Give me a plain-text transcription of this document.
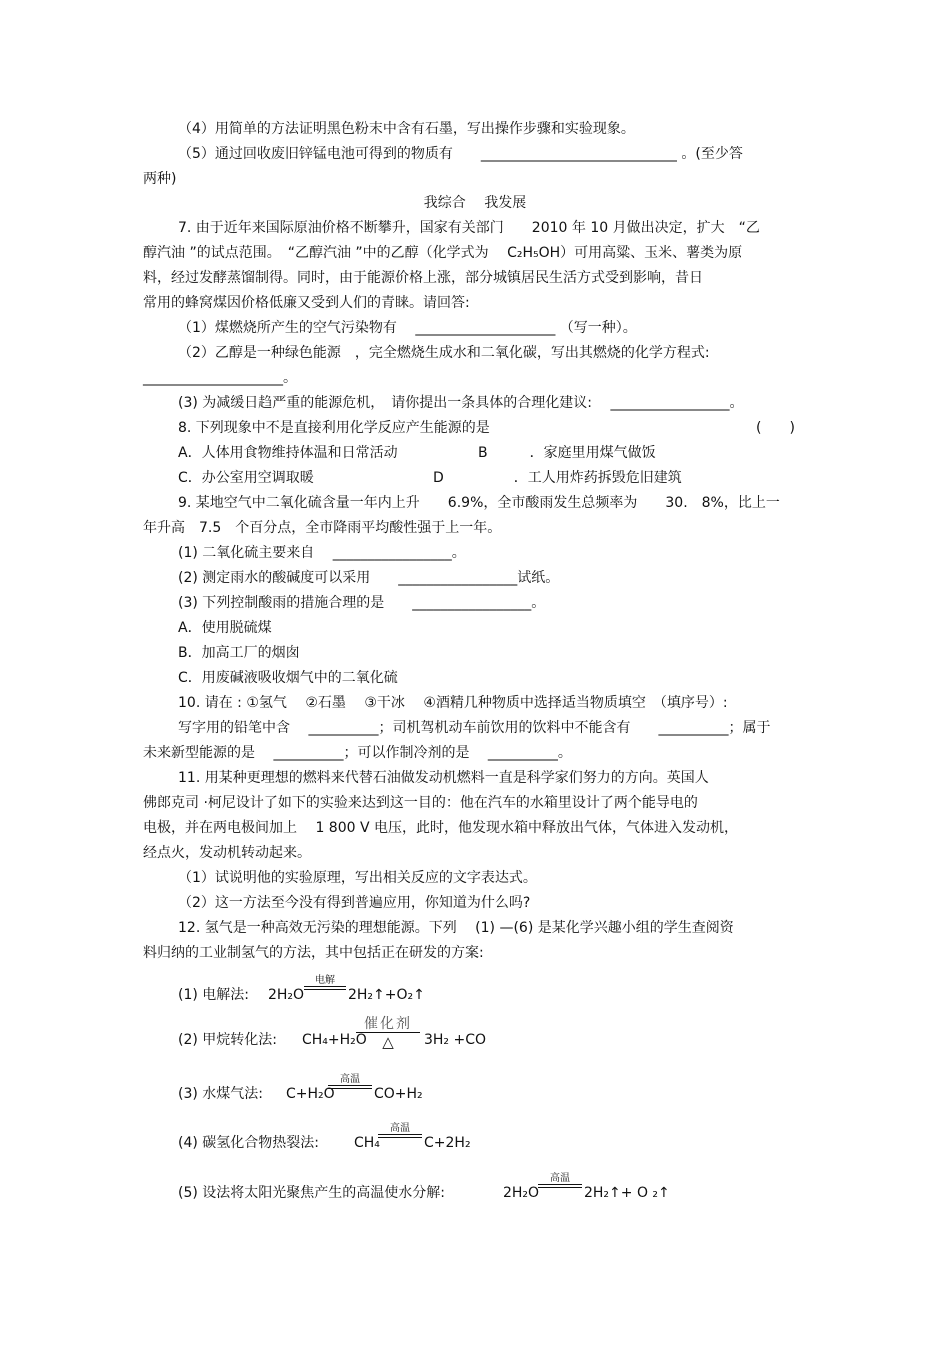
（4）用简单的方法证明黑色粉末中含有石墨，写出操作步骤和实验现象。
（5）通过回收废旧锌锰电池可得到的物质有　　____________________________ 。(至少答
两种)
我综合　 我发展
7. 由于近年来国际原油价格不断攀升，国家有关部门　　2010 年 10 月做出决定，扩大　“乙
醇汽油 ”的试点范围。　“乙醇汽油 ”中的乙醇（化学式为　 C₂H₅OH）可用高粱、玉米、薯类为原
料，经过发酵蒸馏制得。同时，由于能源价格上涨，部分城镇居民生活方式受到影响，昔日
常用的蜂窝煤因价格低廉又受到人们的青睐。请回答:
（1）煤燃烧所产生的空气污染物有　 ____________________ （写一种）。
（2）乙醇是一种绿色能源　，完全燃烧生成水和二氧化碳，写出其燃烧的化学方程式:
____________________。
(3) 为减缓日趋严重的能源危机，　请你提出一条具体的合理化建议:　 _________________。
8. 下列现象中不是直接利用化学反应产生能源的是	(　　)
A．人体用食物维持体温和日常活动	B　　　．家庭里用煤气做饭
C．办公室用空调取暖	D　　　　　．工人用炸药拆毁危旧建筑
9. 某地空气中二氧化硫含量一年内上升　　6.9%，全市酸雨发生总频率为　　30.　8%，比上一
年升高　7.5　个百分点，全市降雨平均酸性强于上一年。
(1) 二氧化硫主要来自　 _________________。
(2) 测定雨水的酸碱度可以采用　　_________________试纸。
(3) 下列控制酸雨的措施合理的是　　_________________。
A．使用脱硫煤
B．加高工厂的烟囱
C．用废碱液吸收烟气中的二氧化硫
10. 请在 : ①氢气　 ②石墨　 ③干冰　 ④酒精几种物质中选择适当物质填空　（填序号）:
写字用的铅笔中含　 __________；司机驾机动车前饮用的饮料中不能含有　　__________；属于
未来新型能源的是　 __________；可以作制冷剂的是　 __________。
11. 用某种更理想的燃料来代替石油做发动机燃料一直是科学家们努力的方向。英国人
佛郎克司 ·柯尼设计了如下的实验来达到这一目的：他在汽车的水箱里设计了两个能导电的
电极，并在两电极间加上　 1 800 V 电压，此时，他发现水箱中释放出气体，气体进入发动机，
经点火，发动机转动起来。
（1）试说明他的实验原理，写出相关反应的文字表达式。
（2）这一方法至今没有得到普遍应用，你知道为什么吗?
12. 氢气是一种高效无污染的理想能源。下列　 (1) —(6) 是某化学兴趣小组的学生查阅资
料归纳的工业制氢气的方法，其中包括正在研发的方案:
(1) 电解法: 2H₂O
电解
2H₂↑+O₂↑
(2) 甲烷转化法: CH₄+H₂O
催化剂
△	3H₂ +CO
(3) 水煤气法: C+H₂O
高温
CO+H₂
(4) 碳氢化合物热裂法:	CH₄
高温
C+2H₂
(5) 设法将太阳光聚焦产生的高温使水分解:	2H₂O
高温
2H₂↑+ O ₂↑
